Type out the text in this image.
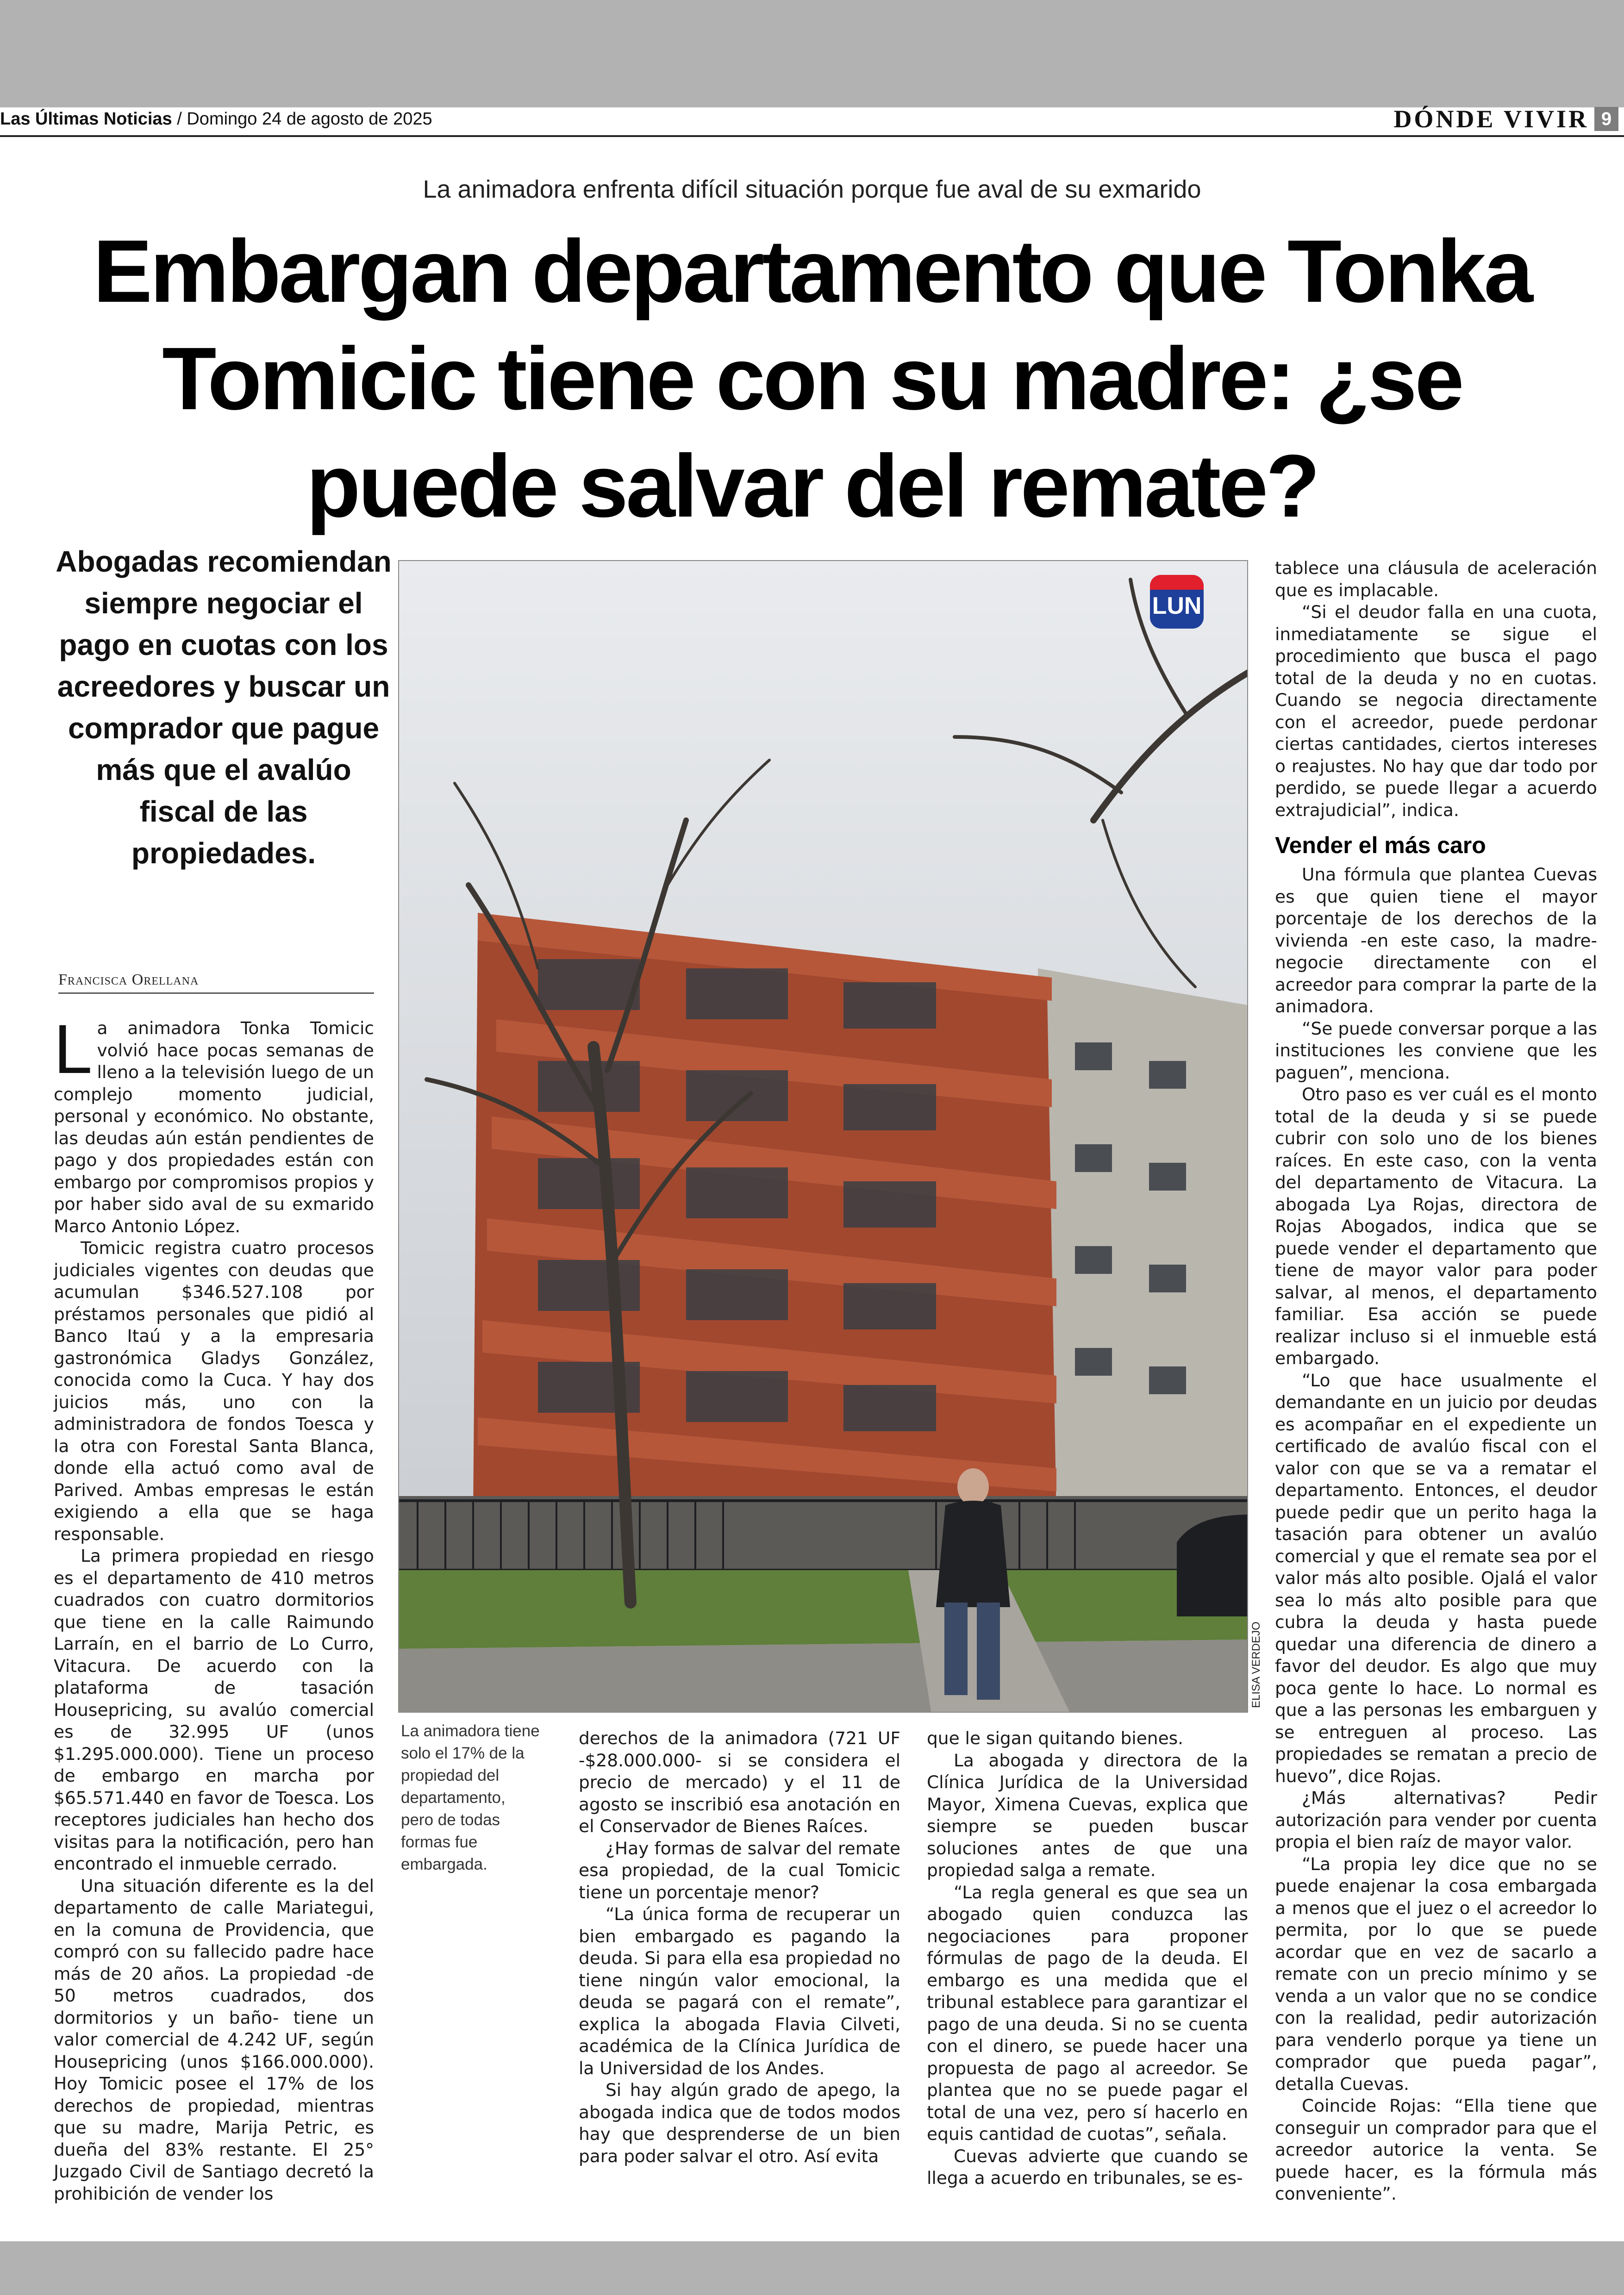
Las Últimas Noticias / Domingo 24 de agosto de 2025	DÓNDE VIVIR 9
La animadora enfrenta difícil situación porque fue aval de su exmarido
Embargan departamento que Tonka Tomicic tiene con su madre: ¿se puede salvar del remate?
Abogadas recomiendan siempre negociar el pago en cuotas con los acreedores y buscar un comprador que pague más que el avalúo fiscal de las propiedades.
Francisca Orellana

La animadora Tonka Tomicic volvió hace pocas semanas de lleno a la televisión luego de un complejo momento judicial, personal y económico. No obstante, las deudas aún están pendientes de pago y dos propiedades están con embargo por compromisos propios y por haber sido aval de su exmarido Marco Antonio López.

Tomicic registra cuatro procesos judiciales vigentes con deudas que acumulan $346.527.108 por préstamos personales que pidió al Banco Itaú y a la empresaria gastronómica Gladys González, conocida como la Cuca. Y hay dos juicios más, uno con la administradora de fondos Toesca y la otra con Forestal Santa Blanca, donde ella actuó como aval de Parived. Ambas empresas le están exigiendo a ella que se haga responsable.

La primera propiedad en riesgo es el departamento de 410 metros cuadrados con cuatro dormitorios que tiene en la calle Raimundo Larraín, en el barrio de Lo Curro, Vitacura. De acuerdo con la plataforma de tasación Housepricing, su avalúo comercial es de 32.995 UF (unos $1.295.000.000). Tiene un proceso de embargo en marcha por $65.571.440 en favor de Toesca. Los receptores judiciales han hecho dos visitas para la notificación, pero han encontrado el inmueble cerrado.

Una situación diferente es la del departamento de calle Mariategui, en la comuna de Providencia, que compró con su fallecido padre hace más de 20 años. La propiedad -de 50 metros cuadrados, dos dormitorios y un baño- tiene un valor comercial de 4.242 UF, según Housepricing (unos $166.000.000). Hoy Tomicic posee el 17% de los derechos de propiedad, mientras que su madre, Marija Petric, es dueña del 83% restante. El 25° Juzgado Civil de Santiago decretó la prohibición de vender los

LUN
ELISA VERDEJO
La animadora tiene solo el 17% de la propiedad del departamento, pero de todas formas fue embargada.

derechos de la animadora (721 UF -$28.000.000- si se considera el precio de mercado) y el 11 de agosto se inscribió esa anotación en el Conservador de Bienes Raíces.

¿Hay formas de salvar del remate esa propiedad, de la cual Tomicic tiene un porcentaje menor?

“La única forma de recuperar un bien embargado es pagando la deuda. Si para ella esa propiedad no tiene ningún valor emocional, la deuda se pagará con el remate”, explica la abogada Flavia Cilveti, académica de la Clínica Jurídica de la Universidad de los Andes.

Si hay algún grado de apego, la abogada indica que de todos modos hay que desprenderse de un bien para poder salvar el otro. Así evita

que le sigan quitando bienes.

La abogada y directora de la Clínica Jurídica de la Universidad Mayor, Ximena Cuevas, explica que siempre se pueden buscar soluciones antes de que una propiedad salga a remate.

“La regla general es que sea un abogado quien conduzca las negociaciones para proponer fórmulas de pago de la deuda. El embargo es una medida que el tribunal establece para garantizar el pago de una deuda. Si no se cuenta con el dinero, se puede hacer una propuesta de pago al acreedor. Se plantea que no se puede pagar el total de una vez, pero sí hacerlo en equis cantidad de cuotas”, señala.

Cuevas advierte que cuando se llega a acuerdo en tribunales, se es-

tablece una cláusula de aceleración que es implacable.

“Si el deudor falla en una cuota, inmediatamente se sigue el procedimiento que busca el pago total de la deuda y no en cuotas. Cuando se negocia directamente con el acreedor, puede perdonar ciertas cantidades, ciertos intereses o reajustes. No hay que dar todo por perdido, se puede llegar a acuerdo extrajudicial”, indica.

Vender el más caro

Una fórmula que plantea Cuevas es que quien tiene el mayor porcentaje de los derechos de la vivienda -en este caso, la madre- negocie directamente con el acreedor para comprar la parte de la animadora.

“Se puede conversar porque a las instituciones les conviene que les paguen”, menciona.

Otro paso es ver cuál es el monto total de la deuda y si se puede cubrir con solo uno de los bienes raíces. En este caso, con la venta del departamento de Vitacura. La abogada Lya Rojas, directora de Rojas Abogados, indica que se puede vender el departamento que tiene de mayor valor para poder salvar, al menos, el departamento familiar. Esa acción se puede realizar incluso si el inmueble está embargado.

“Lo que hace usualmente el demandante en un juicio por deudas es acompañar en el expediente un certificado de avalúo fiscal con el valor con que se va a rematar el departamento. Entonces, el deudor puede pedir que un perito haga la tasación para obtener un avalúo comercial y que el remate sea por el valor más alto posible. Ojalá el valor sea lo más alto posible para que cubra la deuda y hasta puede quedar una diferencia de dinero a favor del deudor. Es algo que muy poca gente lo hace. Lo normal es que a las personas les embarguen y se entreguen al proceso. Las propiedades se rematan a precio de huevo”, dice Rojas.

¿Más alternativas? Pedir autorización para vender por cuenta propia el bien raíz de mayor valor.

“La propia ley dice que no se puede enajenar la cosa embargada a menos que el juez o el acreedor lo permita, por lo que se puede acordar que en vez de sacarlo a remate con un precio mínimo y se venda a un valor que no se condice con la realidad, pedir autorización para venderlo porque ya tiene un comprador que pueda pagar”, detalla Cuevas.

Coincide Rojas: “Ella tiene que conseguir un comprador para que el acreedor autorice la venta. Se puede hacer, es la fórmula más conveniente”.
